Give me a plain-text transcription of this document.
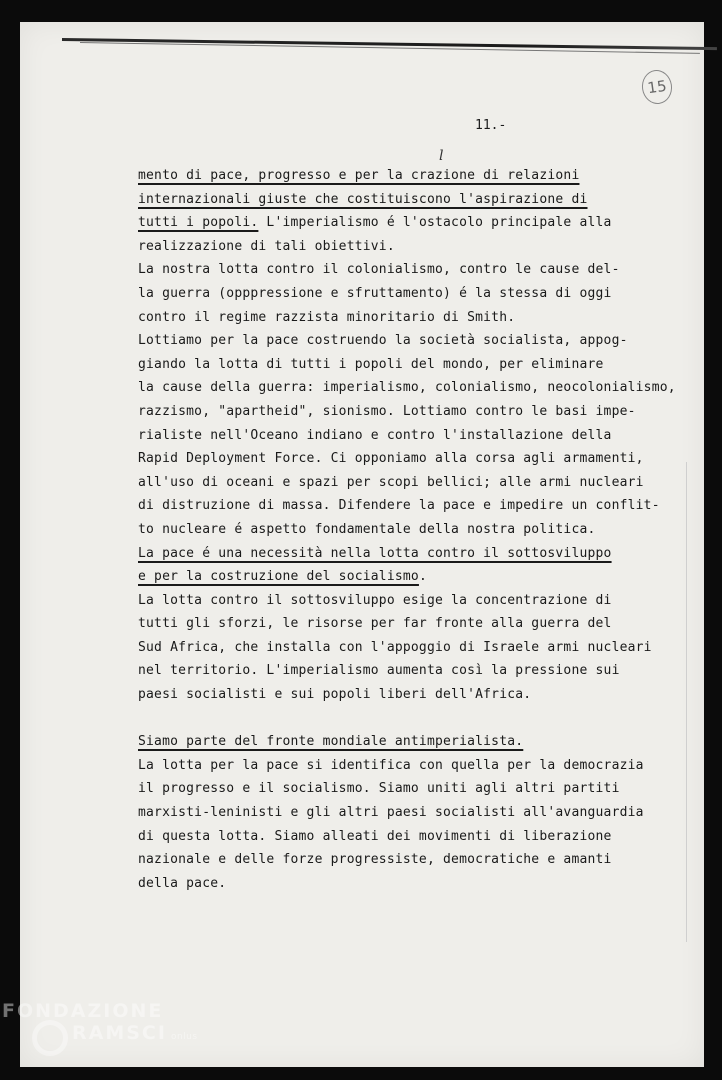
15
11.-
l
mento di pace, progresso e per la crazione di relazioni
internazionali giuste che costituiscono l'aspirazione di
tutti i popoli. L'imperialismo é l'ostacolo principale alla
realizzazione di tali obiettivi.
La nostra lotta contro il colonialismo, contro le cause del-
la guerra (opppressione e sfruttamento) é la stessa di oggi
contro il regime razzista minoritario di Smith.
Lottiamo per la pace costruendo la società socialista, appog-
giando la lotta di tutti i popoli del mondo, per eliminare
la cause della guerra: imperialismo, colonialismo, neocolonialismo,
razzismo, "apartheid", sionismo. Lottiamo contro le basi impe-
rialiste nell'Oceano indiano e contro l'installazione della
Rapid Deployment Force. Ci opponiamo alla corsa agli armamenti,
all'uso di oceani e spazi per scopi bellici; alle armi nucleari
di distruzione di massa. Difendere la pace e impedire un conflit-
to nucleare é aspetto fondamentale della nostra politica.
La pace é una necessità nella lotta contro il sottosviluppo
e per la costruzione del socialismo.
La lotta contro il sottosviluppo esige la concentrazione di
tutti gli sforzi, le risorse per far fronte alla guerra del
Sud Africa, che installa con l'appoggio di Israele armi nucleari
nel territorio. L'imperialismo aumenta così la pressione sui
paesi socialisti e sui popoli liberi dell'Africa.
Siamo parte del fronte mondiale antimperialista.
La lotta per la pace si identifica con quella per la democrazia
il progresso e il socialismo. Siamo uniti agli altri partiti
marxisti-leninisti e gli altri paesi socialisti all'avanguardia
di questa lotta. Siamo alleati dei movimenti di liberazione
nazionale e delle forze progressiste, democratiche e amanti
della pace.
FONDAZIONE
RAMSCI onlus
